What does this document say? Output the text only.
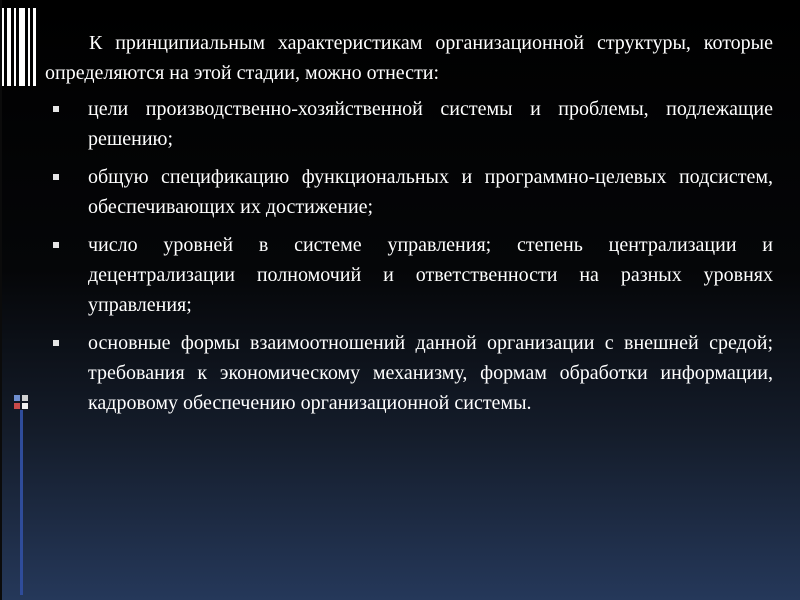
К принципиальным характеристикам организационной структуры, которые определяются на этой стадии, можно отнести:

цели производственно-хозяйственной системы и проблемы, подлежащие решению;
общую спецификацию функциональных и программно-целевых подсистем, обеспечивающих их достижение;
число уровней в системе управления; степень централизации и децентрализации полномочий и ответственности на разных уровнях управления;
основные формы взаимоотношений данной организации с внешней средой; требования к экономическому механизму, формам обработки информации, кадровому обеспечению организационной системы.
